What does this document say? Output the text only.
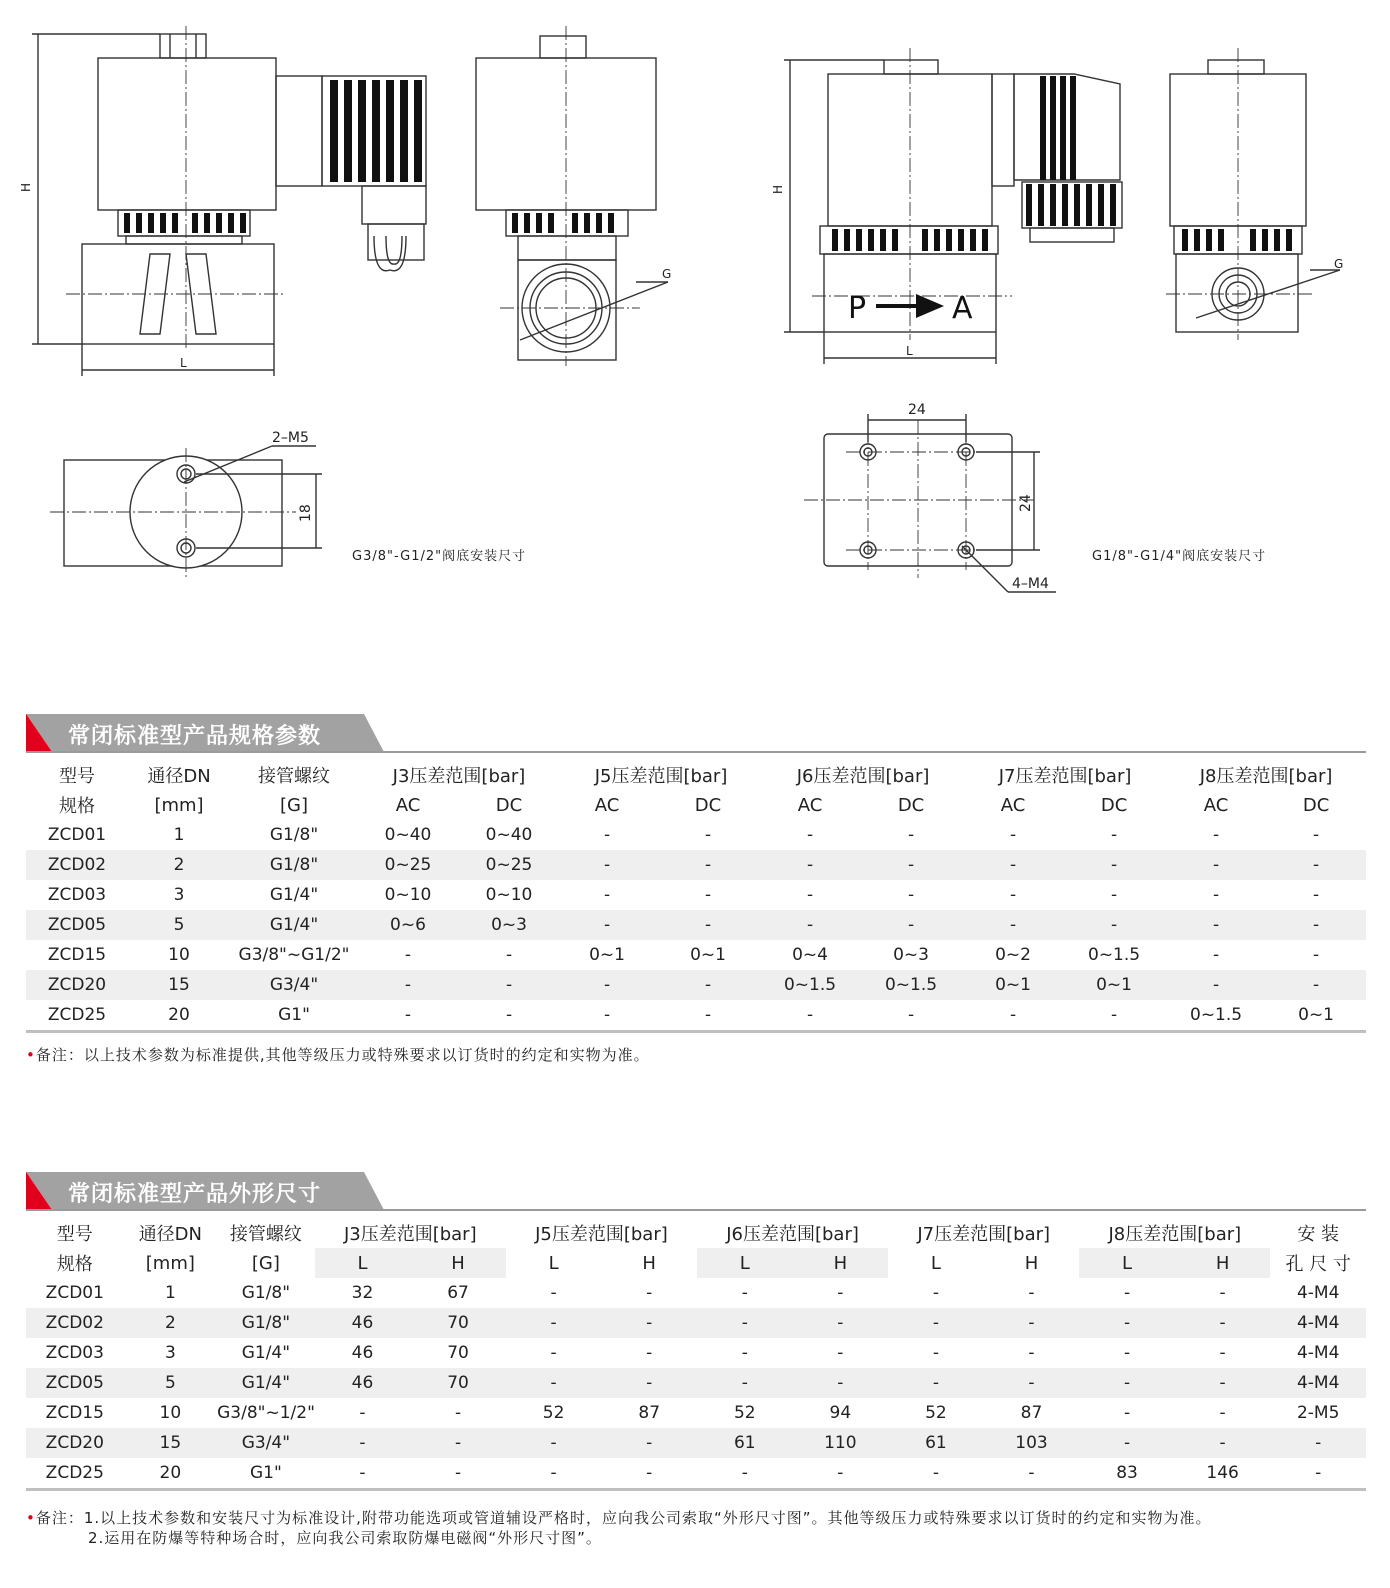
H
L
G
H
L
G
2–M5
18
24
24
4–M4
P	A
G3/8"-G1/2"阀底安装尺寸	G1/8"-G1/4"阀底安装尺寸
常闭标准型产品规格参数
型号	通径DN	接管螺纹	J3压差范围[bar]		J5压差范围[bar]		J6压差范围[bar]		J7压差范围[bar]		J8压差范围[bar]	
规格	[mm]	[G]	AC	DC	AC	DC	AC	DC	AC	DC	AC	DC
ZCD01	1	G1/8"	0~40	0~40	-	-	-	-	-	-	-	-
ZCD02	2	G1/8"	0~25	0~25	-	-	-	-	-	-	-	-
ZCD03	3	G1/4"	0~10	0~10	-	-	-	-	-	-	-	-
ZCD05	5	G1/4"	0~6	0~3	-	-	-	-	-	-	-	-
ZCD15	10	G3/8"~G1/2"	-	-	0~1	0~1	0~4	0~3	0~2	0~1.5	-	-
ZCD20	15	G3/4"	-	-	-	-	0~1.5	0~1.5	0~1	0~1	-	-
ZCD25	20	G1"	-	-	-	-	-	-	-	-	0~1.5	0~1
•备注：以上技术参数为标准提供,其他等级压力或特殊要求以订货时的约定和实物为准。
常闭标准型产品外形尺寸
型号	通径DN	接管螺纹	J3压差范围[bar]		J5压差范围[bar]		J6压差范围[bar]		J7压差范围[bar]		J8压差范围[bar]		安 装
规格	[mm]	[G]	L	H	L	H	L	H	L	H	L	H	孔 尺 寸
ZCD01	1	G1/8"	32	67	-	-	-	-	-	-	-	-	4-M4
ZCD02	2	G1/8"	46	70	-	-	-	-	-	-	-	-	4-M4
ZCD03	3	G1/4"	46	70	-	-	-	-	-	-	-	-	4-M4
ZCD05	5	G1/4"	46	70	-	-	-	-	-	-	-	-	4-M4
ZCD15	10	G3/8"~1/2"	-	-	52	87	52	94	52	87	-	-	2-M5
ZCD20	15	G3/4"	-	-	-	-	61	110	61	103	-	-	-
ZCD25	20	G1"	-	-	-	-	-	-	-	-	83	146	-
•备注：1.以上技术参数和安装尺寸为标准设计,附带功能选项或管道辅设严格时，应向我公司索取“外形尺寸图”。其他等级压力或特殊要求以订货时的约定和实物为准。
2.运用在防爆等特种场合时，应向我公司索取防爆电磁阀“外形尺寸图”。
